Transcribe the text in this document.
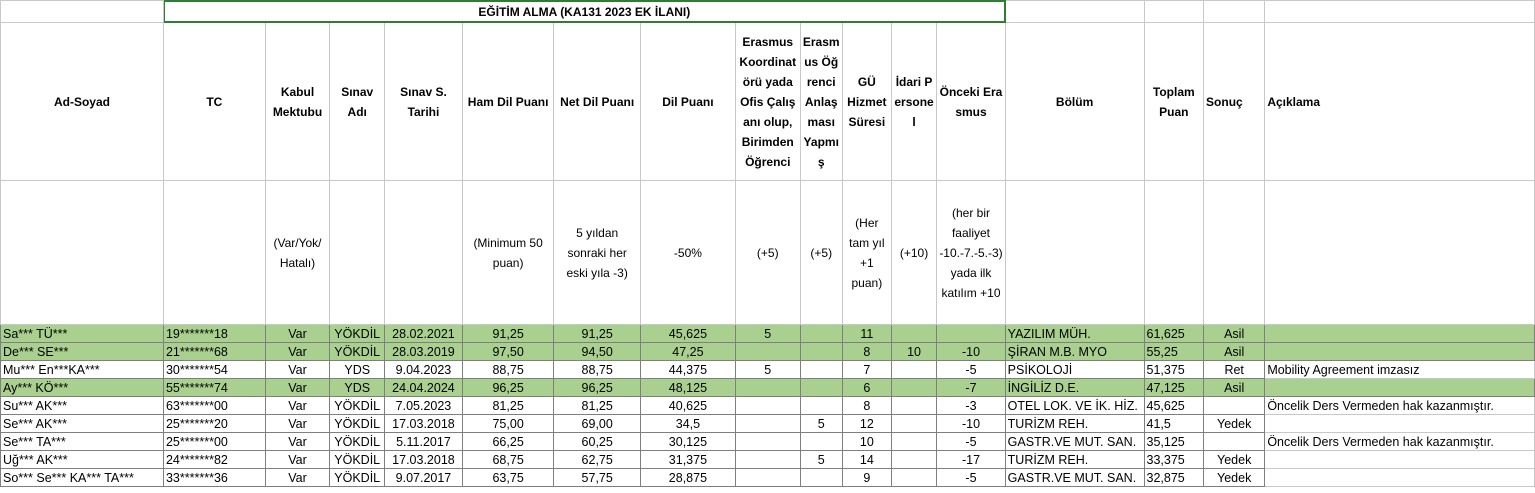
	EĞİTİM ALMA (KA131 2023 EK İLANI)															
Ad-Soyad	TC	Kabul Mektubu	Sınav Adı	Sınav S. Tarihi	Ham Dil Puanı	Net Dil Puanı	Dil Puanı	Erasmus Koordinatörü yada Ofis Çalışanı olup, Birimden Öğrenci	Erasmus Öğrenci Anlaşması Yapmış	GÜ Hizmet Süresi	İdari Personel	Önceki Erasmus	Bölüm	Toplam Puan	Sonuç	Açıklama
		(Var/Yok/ Hatalı)			(Minimum 50 puan)	5 yıldan sonraki her eski yıla -3)	-50%	(+5)	(+5)	(Her tam yıl +1 puan)	(+10)	(her bir faaliyet -10.-7.-5.-3) yada ilk katılım +10				
Sa*** TÜ***	19*******18	Var	YÖKDİL	28.02.2021	91,25	91,25	45,625	5		11			YAZILIM MÜH.	61,625	Asil	
De*** SE***	21*******68	Var	YÖKDİL	28.03.2019	97,50	94,50	47,25			8	10	-10	ŞİRAN M.B. MYO	55,25	Asil	
Mu*** En***KA***	30*******54	Var	YDS	9.04.2023	88,75	88,75	44,375	5		7		-5	PSİKOLOJİ	51,375	Ret	Mobility Agreement imzasız
Ay*** KÖ***	55*******74	Var	YDS	24.04.2024	96,25	96,25	48,125			6		-7	İNGİLİZ D.E.	47,125	Asil	
Su*** AK***	63*******00	Var	YÖKDİL	7.05.2023	81,25	81,25	40,625			8		-3	OTEL LOK. VE İK. HİZ.	45,625		Öncelik Ders Vermeden hak kazanmıştır.
Se*** AK***	25*******20	Var	YÖKDİL	17.03.2018	75,00	69,00	34,5		5	12		-10	TURİZM REH.	41,5	Yedek	
Se*** TA***	25*******00	Var	YÖKDİL	5.11.2017	66,25	60,25	30,125			10		-5	GASTR.VE MUT. SAN.	35,125		Öncelik Ders Vermeden hak kazanmıştır.
Uğ*** AK***	24*******82	Var	YÖKDİL	17.03.2018	68,75	62,75	31,375		5	14		-17	TURİZM REH.	33,375	Yedek	
So*** Se*** KA*** TA***	33*******36	Var	YÖKDİL	9.07.2017	63,75	57,75	28,875			9		-5	GASTR.VE MUT. SAN.	32,875	Yedek	
